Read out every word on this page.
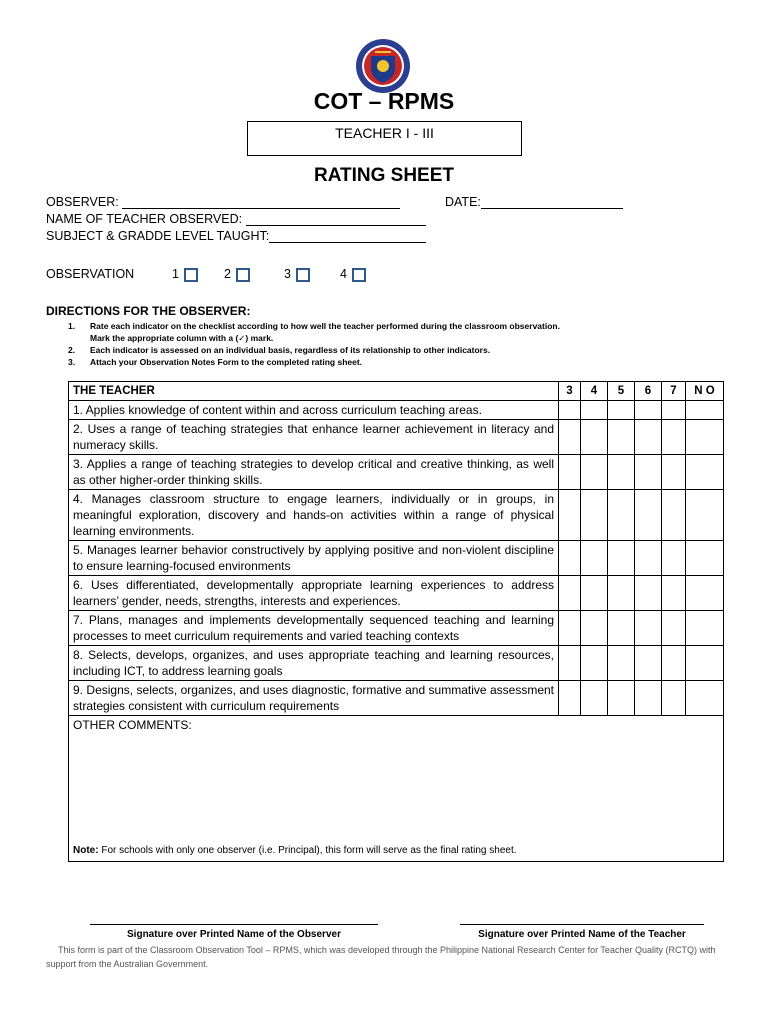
COT – RPMS
TEACHER I - III
RATING SHEET
OBSERVER:	DATE:
NAME OF TEACHER OBSERVED:
SUBJECT & GRADDE LEVEL TAUGHT:
OBSERVATION	1	2	3	4
DIRECTIONS FOR THE OBSERVER:
1.	Rate each indicator on the checklist according to how well the teacher performed during the classroom observation.
Mark the appropriate column with a (✓) mark.
2.	Each indicator is assessed on an individual basis, regardless of its relationship to other indicators.
3.	Attach your Observation Notes Form to the completed rating sheet.
THE TEACHER	3	4	5	6	7	N O
1. Applies knowledge of content within and across curriculum teaching areas.						
2. Uses a range of teaching strategies that enhance learner achievement in literacy and numeracy skills.						
3. Applies a range of teaching strategies to develop critical and creative thinking, as well as other higher-order thinking skills.						
4. Manages classroom structure to engage learners, individually or in groups, in meaningful exploration, discovery and hands-on activities within a range of physical learning environments.						
5. Manages learner behavior constructively by applying positive and non-violent discipline to ensure learning-focused environments						
6. Uses differentiated, developmentally appropriate learning experiences to address learners’ gender, needs, strengths, interests and experiences.						
7. Plans, manages and implements developmentally sequenced teaching and learning processes to meet curriculum requirements and varied teaching contexts						
8. Selects, develops, organizes, and uses appropriate teaching and learning resources, including ICT, to address learning goals						
9. Designs, selects, organizes, and uses diagnostic, formative and summative assessment strategies consistent with curriculum requirements						
OTHER COMMENTS:
Note: For schools with only one observer (i.e. Principal), this form will serve as the final rating sheet.						
Signature over Printed Name of the Observer	Signature over Printed Name of the Teacher
This form is part of the Classroom Observation Tool – RPMS, which was developed through the Philippine National Research Center for Teacher Quality (RCTQ) with support from the Australian Government.
